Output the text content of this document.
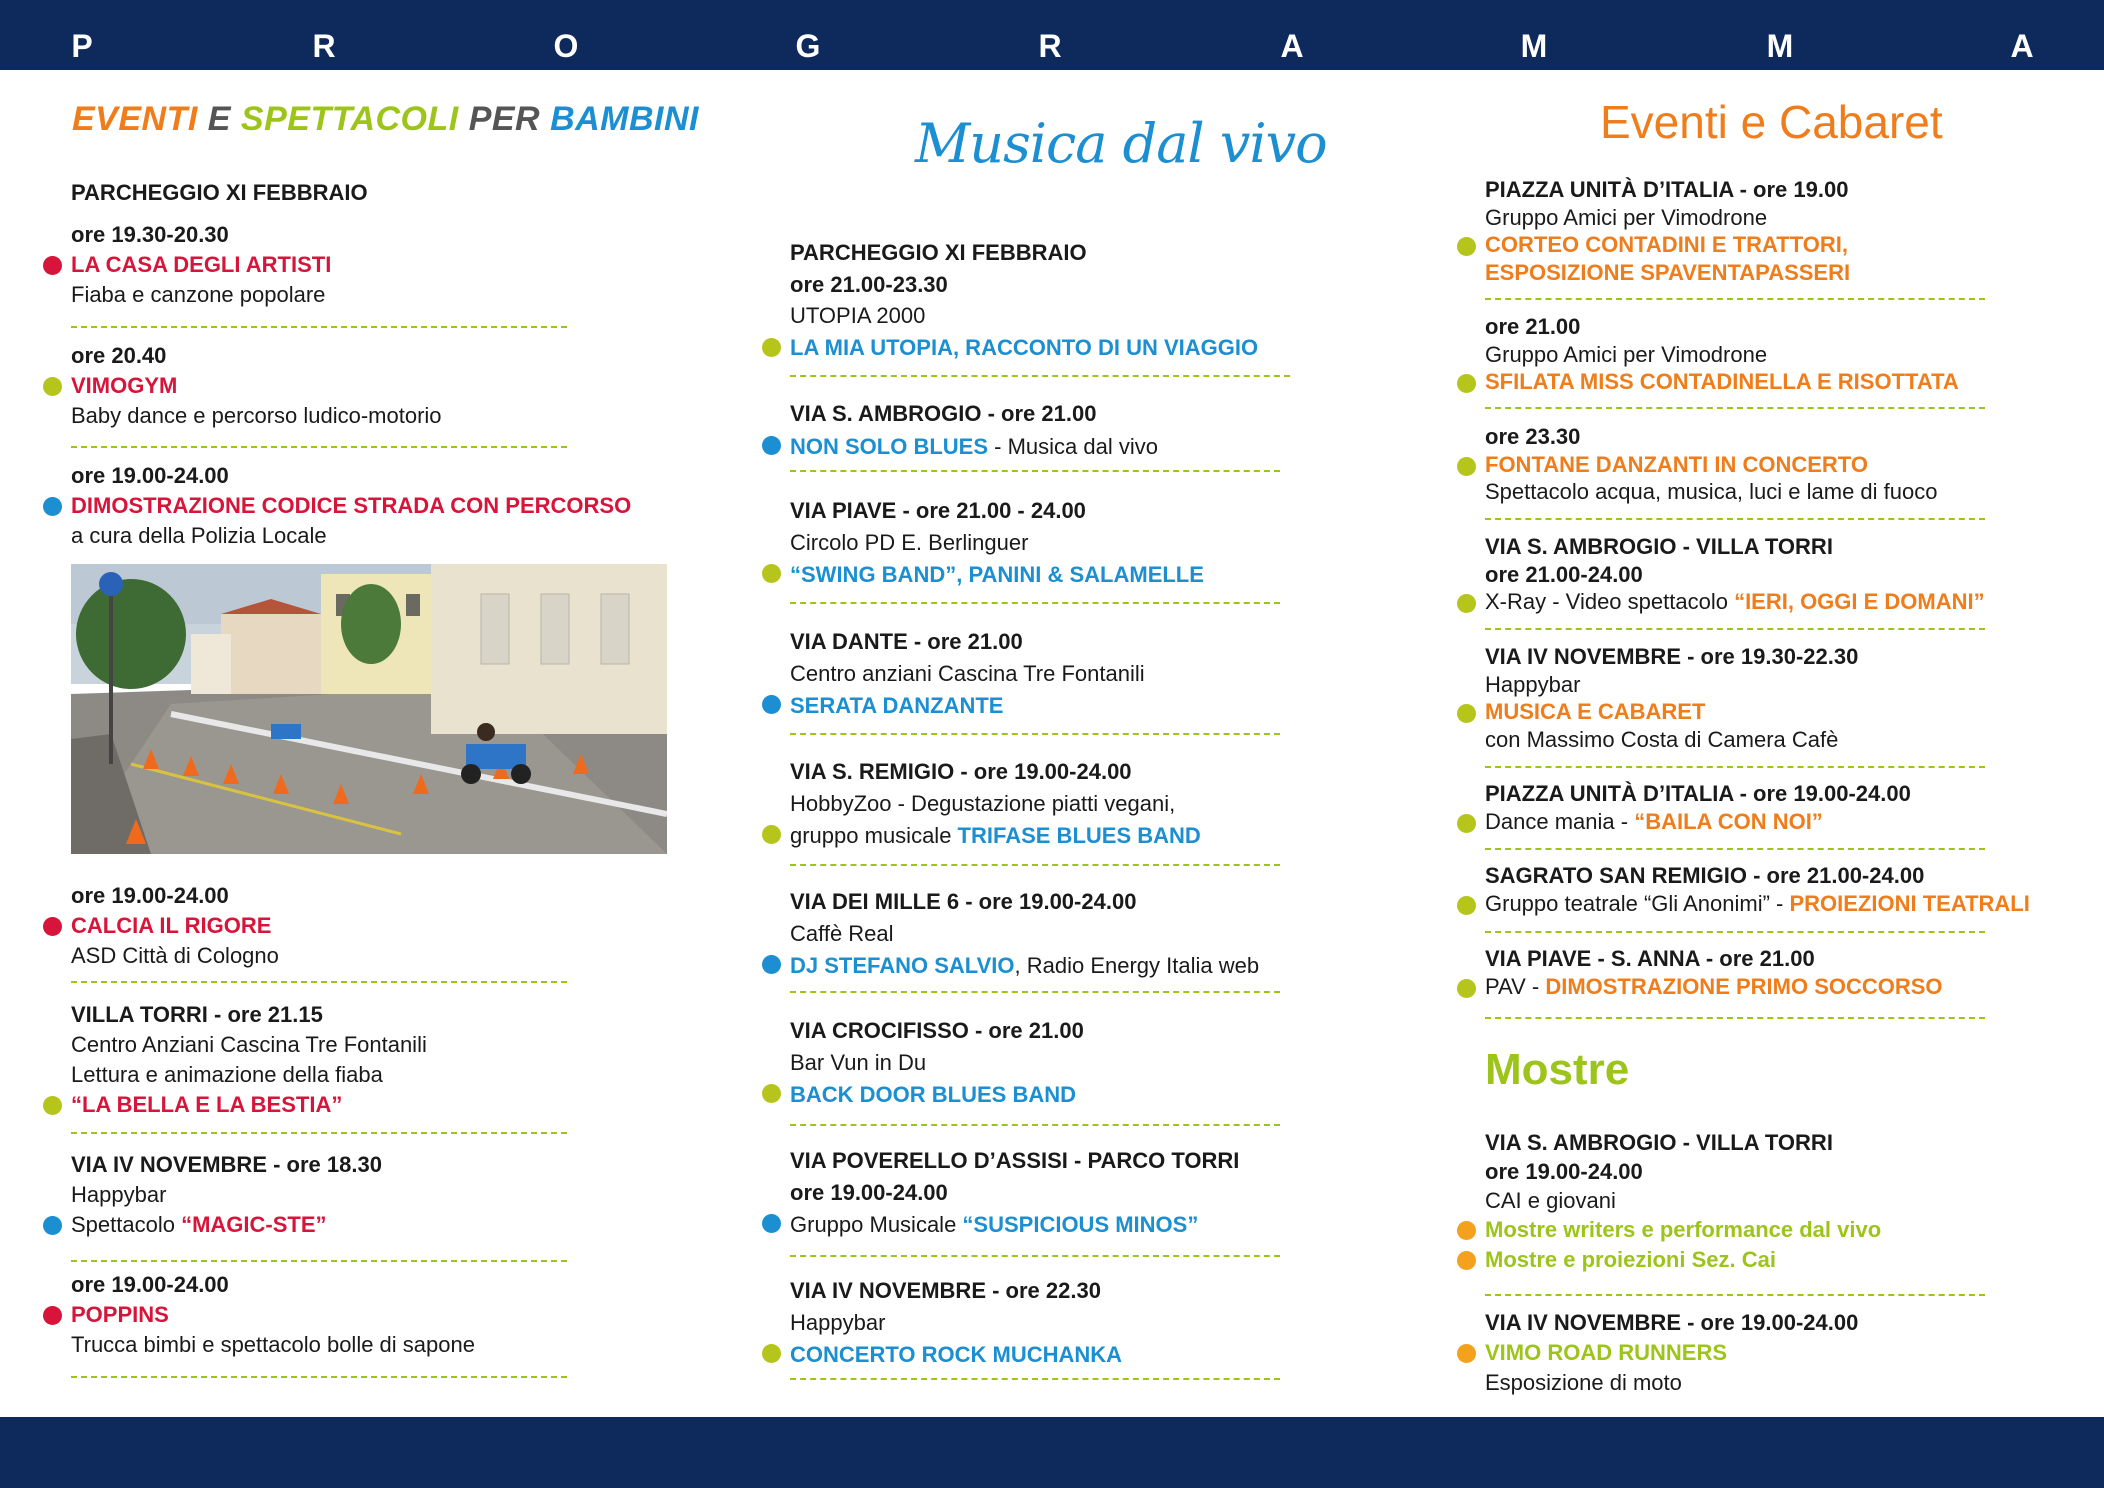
P	R	O	G	R	A	M	M	A
EVENTI E SPETTACOLI PER BAMBINI	Musica dal vivo	Eventi e Cabaret
Mostre
PARCHEGGIO XI FEBBRAIO
ore 19.30-20.30
LA CASA DEGLI ARTISTI
Fiaba e canzone popolare
ore 20.40
VIMOGYM
Baby dance e percorso ludico-motorio
ore 19.00-24.00
DIMOSTRAZIONE CODICE STRADA CON PERCORSO
a cura della Polizia Locale
ore 19.00-24.00
CALCIA IL RIGORE
ASD Città di Cologno
VILLA TORRI - ore 21.15
Centro Anziani Cascina Tre Fontanili
Lettura e animazione della fiaba
“LA BELLA E LA BESTIA”
VIA IV NOVEMBRE - ore 18.30
Happybar
Spettacolo “MAGIC-STE”
ore 19.00-24.00
POPPINS
Trucca bimbi e spettacolo bolle di sapone
PARCHEGGIO XI FEBBRAIO
ore 21.00-23.30
UTOPIA 2000
LA MIA UTOPIA, RACCONTO DI UN VIAGGIO
VIA S. AMBROGIO - ore 21.00
NON SOLO BLUES - Musica dal vivo
VIA PIAVE - ore 21.00 - 24.00
Circolo PD E. Berlinguer
“SWING BAND”, PANINI & SALAMELLE
VIA DANTE - ore 21.00
Centro anziani Cascina Tre Fontanili
SERATA DANZANTE
VIA S. REMIGIO - ore 19.00-24.00
HobbyZoo - Degustazione piatti vegani,
gruppo musicale TRIFASE BLUES BAND
VIA DEI MILLE 6 - ore 19.00-24.00
Caffè Real
DJ STEFANO SALVIO, Radio Energy Italia web
VIA CROCIFISSO - ore 21.00
Bar Vun in Du
BACK DOOR BLUES BAND
VIA POVERELLO D’ASSISI - PARCO TORRI
ore 19.00-24.00
Gruppo Musicale “SUSPICIOUS MINOS”
VIA IV NOVEMBRE - ore 22.30
Happybar
CONCERTO ROCK MUCHANKA
PIAZZA UNITÀ D’ITALIA - ore 19.00
Gruppo Amici per Vimodrone
CORTEO CONTADINI E TRATTORI,
ESPOSIZIONE SPAVENTAPASSERI
ore 21.00
Gruppo Amici per Vimodrone
SFILATA MISS CONTADINELLA E RISOTTATA
ore 23.30
FONTANE DANZANTI IN CONCERTO
Spettacolo acqua, musica, luci e lame di fuoco
VIA S. AMBROGIO - VILLA TORRI
ore 21.00-24.00
X-Ray - Video spettacolo “IERI, OGGI E DOMANI”
VIA IV NOVEMBRE - ore 19.30-22.30
Happybar
MUSICA E CABARET
con Massimo Costa di Camera Cafè
PIAZZA UNITÀ D’ITALIA - ore 19.00-24.00
Dance mania - “BAILA CON NOI”
SAGRATO SAN REMIGIO - ore 21.00-24.00
Gruppo teatrale “Gli Anonimi” - PROIEZIONI TEATRALI
VIA PIAVE - S. ANNA - ore 21.00
PAV - DIMOSTRAZIONE PRIMO SOCCORSO
VIA S. AMBROGIO - VILLA TORRI
ore 19.00-24.00
CAI e giovani
Mostre writers e performance dal vivo
Mostre e proiezioni Sez. Cai
VIA IV NOVEMBRE - ore 19.00-24.00
VIMO ROAD RUNNERS
Esposizione di moto
